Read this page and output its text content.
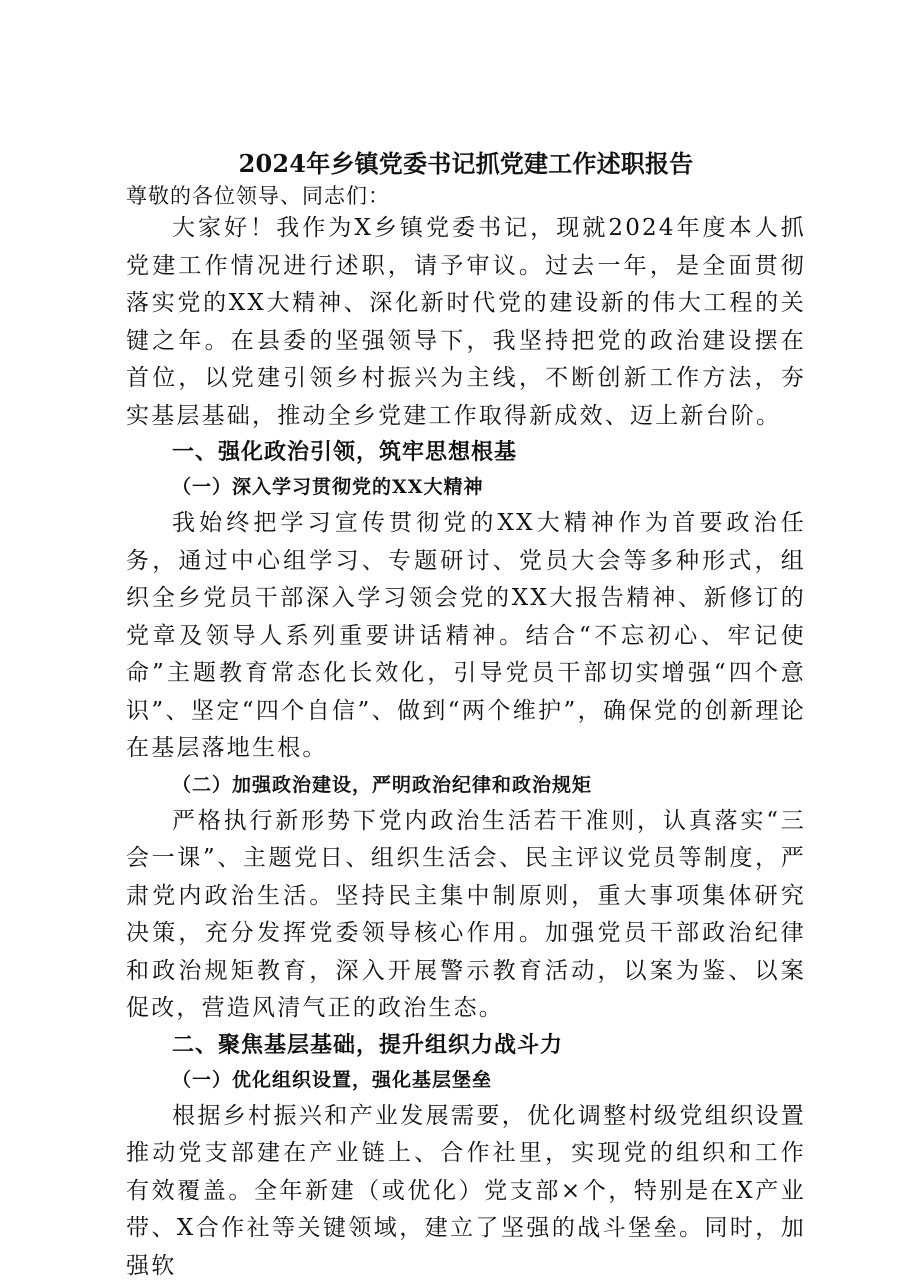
2024年乡镇党委书记抓党建工作述职报告

尊敬的各位领导、同志们：

大家好！我作为X乡镇党委书记，现就2024年度本人抓党建工作情况进行述职，请予审议。过去一年，是全面贯彻落实党的XX大精神、深化新时代党的建设新的伟大工程的关键之年。在县委的坚强领导下，我坚持把党的政治建设摆在首位，以党建引领乡村振兴为主线，不断创新工作方法，夯实基层基础，推动全乡党建工作取得新成效、迈上新台阶。

一、强化政治引领，筑牢思想根基
（一）深入学习贯彻党的XX大精神

我始终把学习宣传贯彻党的XX大精神作为首要政治任务，通过中心组学习、专题研讨、党员大会等多种形式，组织全乡党员干部深入学习领会党的XX大报告精神、新修订的党章及领导人系列重要讲话精神。结合“不忘初心、牢记使命”主题教育常态化长效化，引导党员干部切实增强“四个意识”、坚定“四个自信”、做到“两个维护”，确保党的创新理论在基层落地生根。

（二）加强政治建设，严明政治纪律和政治规矩

严格执行新形势下党内政治生活若干准则，认真落实“三会一课”、主题党日、组织生活会、民主评议党员等制度，严肃党内政治生活。坚持民主集中制原则，重大事项集体研究决策，充分发挥党委领导核心作用。加强党员干部政治纪律和政治规矩教育，深入开展警示教育活动，以案为鉴、以案促改，营造风清气正的政治生态。

二、聚焦基层基础，提升组织力战斗力
（一）优化组织设置，强化基层堡垒

根据乡村振兴和产业发展需要，优化调整村级党组织设置推动党支部建在产业链上、合作社里，实现党的组织和工作有效覆盖。全年新建（或优化）党支部×个，特别是在X产业带、X合作社等关键领域，建立了坚强的战斗堡垒。同时，加强软
